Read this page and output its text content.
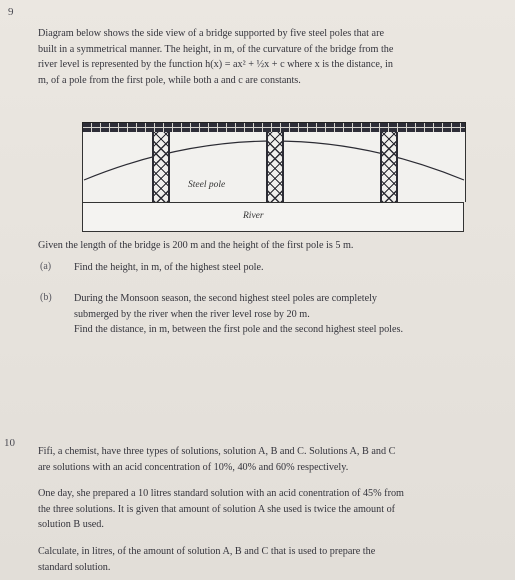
9
Diagram below shows the side view of a bridge supported by five steel poles that are
built in a symmetrical manner. The height, in m, of the curvature of the bridge from the
river level is represented by the function h(x) = ax² + ½x + c where x is the distance, in
m, of a pole from the first pole, while both a and c are constants.
Steel pole
River
Given the length of the bridge is 200 m and the height of the first pole is 5 m.
(a) Find the height, in m, of the highest steel pole.
(b) During the Monsoon season, the second highest steel poles are completely
submerged by the river when the river level rose by 20 m.
Find the distance, in m, between the first pole and the second highest steel poles.
10
Fifi, a chemist, have three types of solutions, solution A, B and C. Solutions A, B and C
are solutions with an acid concentration of 10%, 40% and 60% respectively.
One day, she prepared a 10 litres standard solution with an acid conentration of 45% from
the three solutions. It is given that amount of solution A she used is twice the amount of
solution B used.
Calculate, in litres, of the amount of solution A, B and C that is used to prepare the
standard solution.
